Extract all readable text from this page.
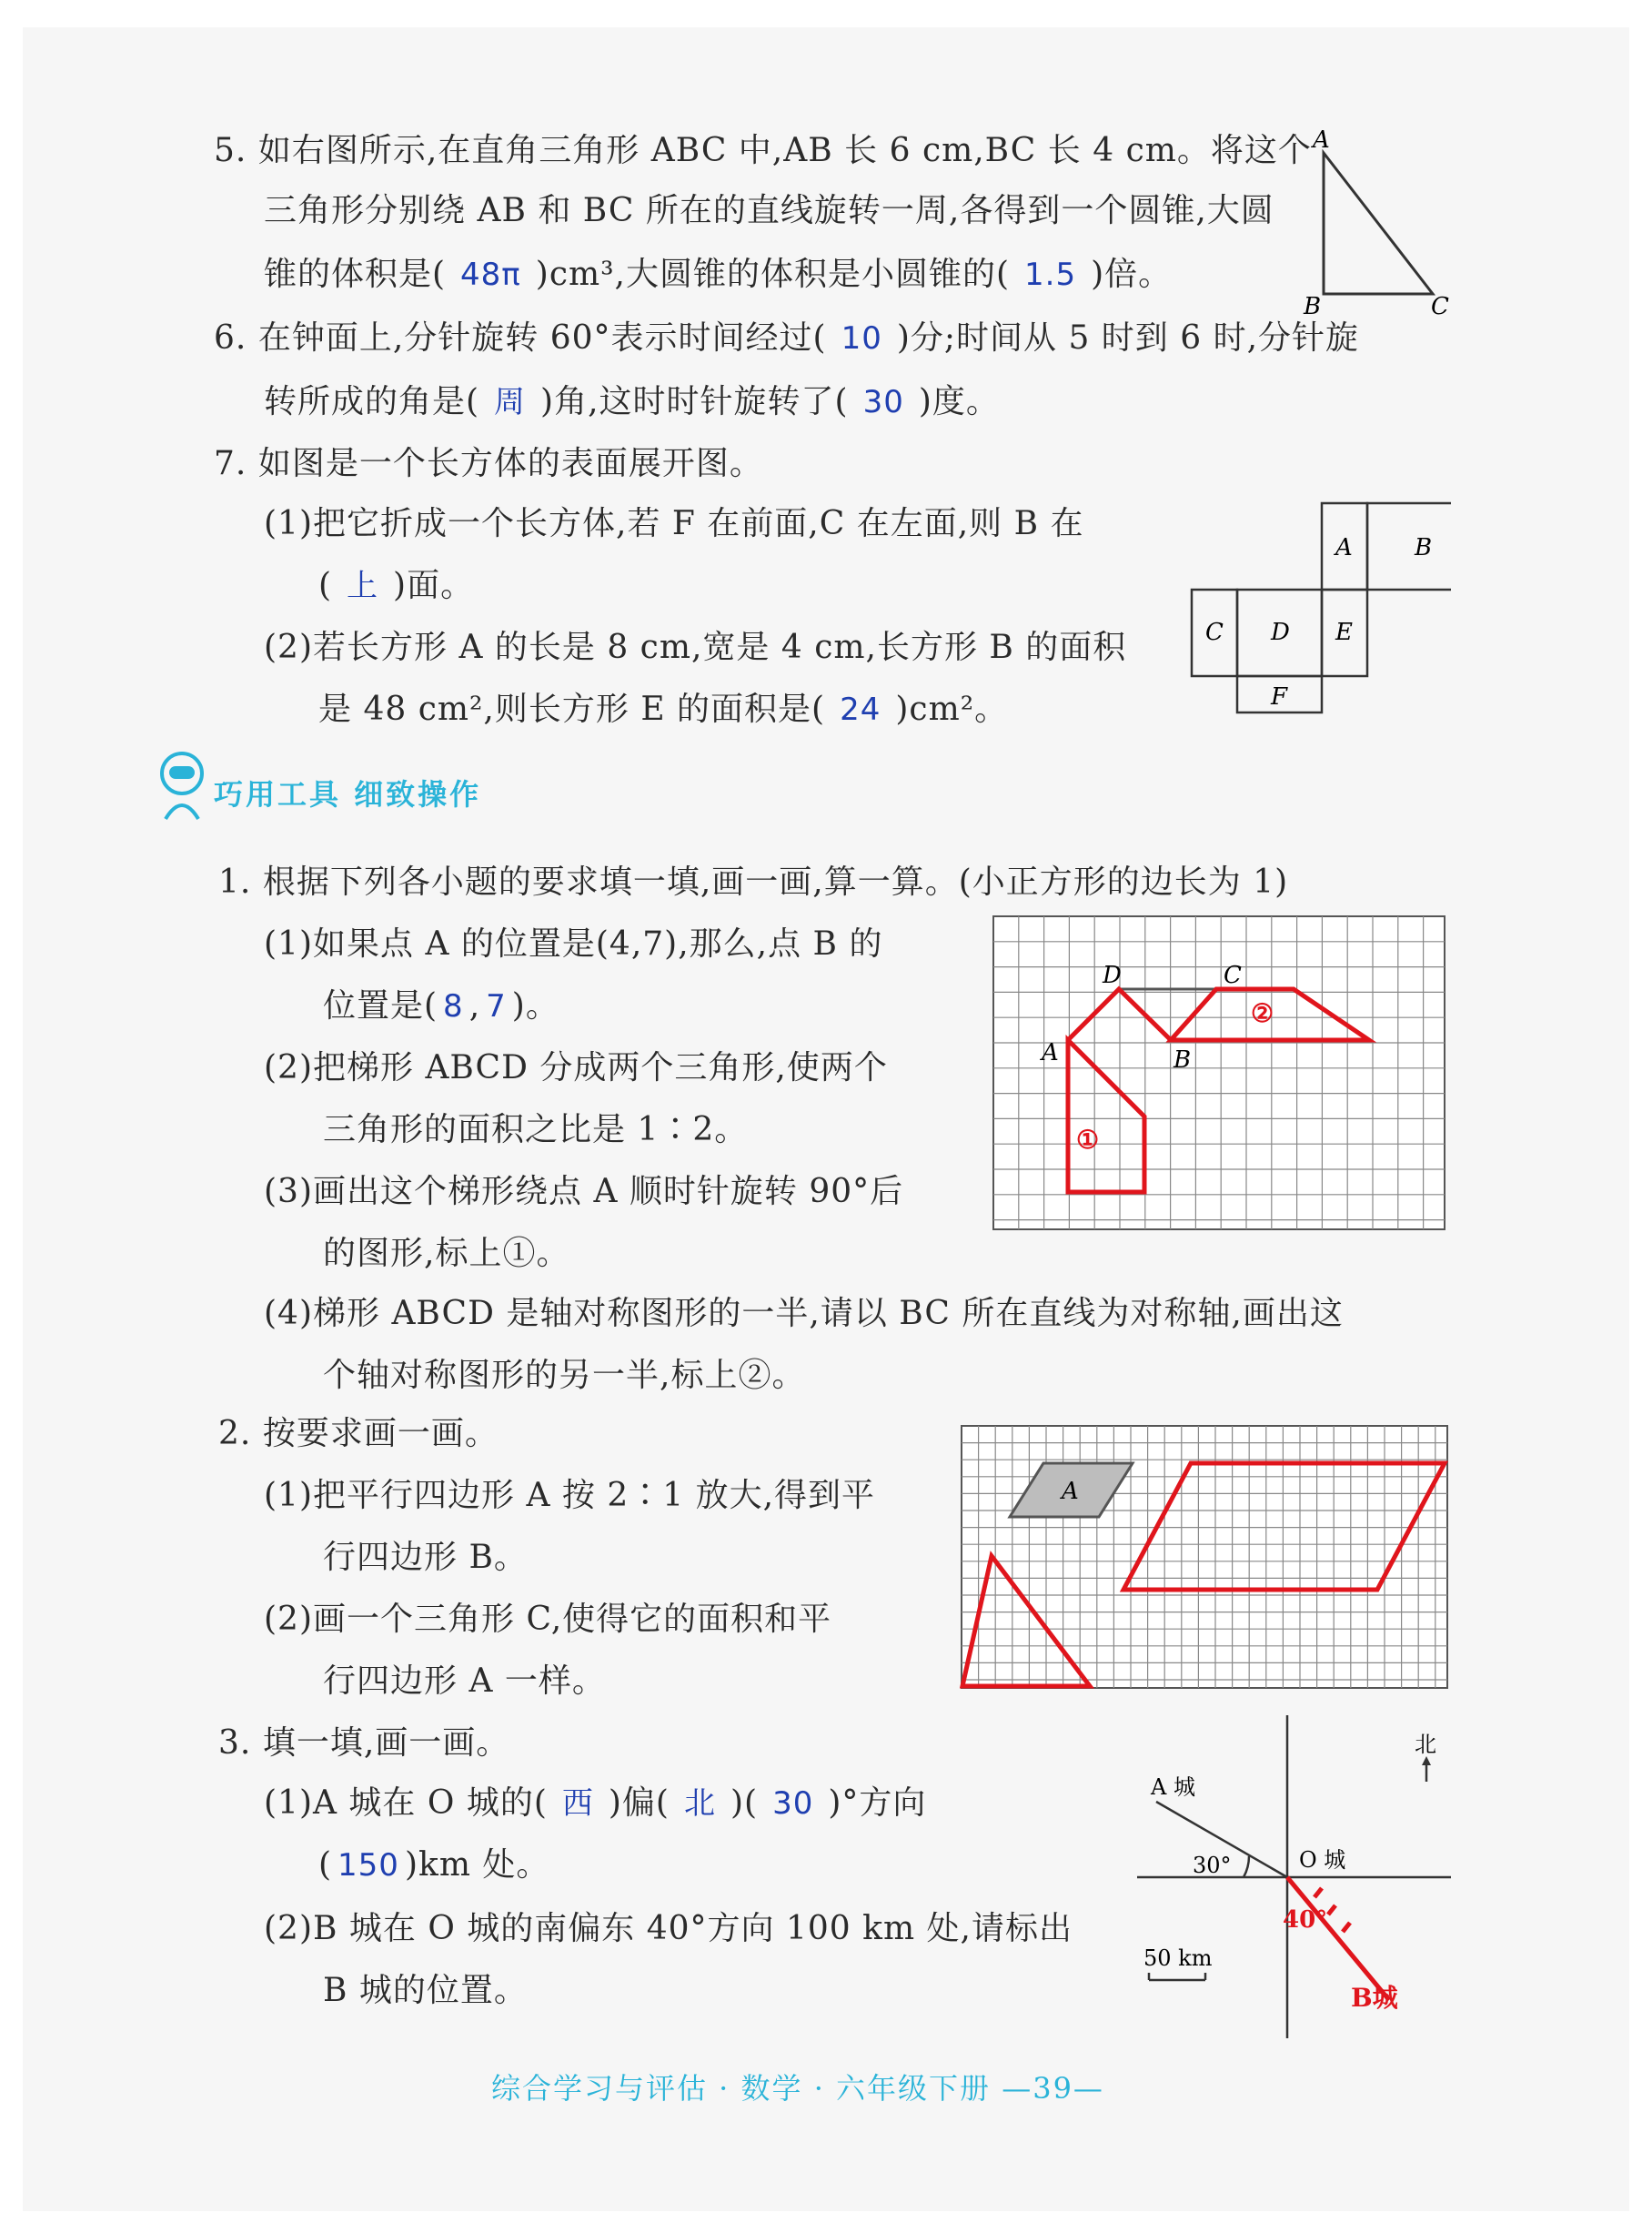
5. 如右图所示,在直角三角形 ABC 中,AB 长 6 cm,BC 长 4 cm。将这个
三角形分别绕 AB 和 BC 所在的直线旋转一周,各得到一个圆锥,大圆
锥的体积是( 48π )cm³,大圆锥的体积是小圆锥的( 1.5 )倍。
A
B	C
6. 在钟面上,分针旋转 60°表示时间经过( 10 )分;时间从 5 时到 6 时,分针旋
转所成的角是( 周 )角,这时时针旋转了( 30 )度。
7. 如图是一个长方体的表面展开图。
(1)把它折成一个长方体,若 F 在前面,C 在左面,则 B 在
( 上 )面。
(2)若长方形 A 的长是 8 cm,宽是 4 cm,长方形 B 的面积
是 48 cm²,则长方形 E 的面积是( 24 )cm²。
A	B
C D E
F
巧用工具 细致操作
1. 根据下列各小题的要求填一填,画一画,算一算。(小正方形的边长为 1)
(1)如果点 A 的位置是(4,7),那么,点 B 的
位置是( 8 , 7 )。
(2)把梯形 ABCD 分成两个三角形,使两个
三角形的面积之比是 1∶2。
(3)画出这个梯形绕点 A 顺时针旋转 90°后
的图形,标上①。
(4)梯形 ABCD 是轴对称图形的一半,请以 BC 所在直线为对称轴,画出这
个轴对称图形的另一半,标上②。
D	C
A	B
①
②
2. 按要求画一画。
(1)把平行四边形 A 按 2∶1 放大,得到平
行四边形 B。
(2)画一个三角形 C,使得它的面积和平
行四边形 A 一样。
A
3. 填一填,画一画。
(1)A 城在 O 城的( 西 )偏( 北 )( 30 )°方向
( 150 )km 处。
(2)B 城在 O 城的南偏东 40°方向 100 km 处,请标出
B 城的位置。
A 城
O 城
北
30°
50 km
40°
B城
综合学习与评估 · 数学 · 六年级下册 —39—
